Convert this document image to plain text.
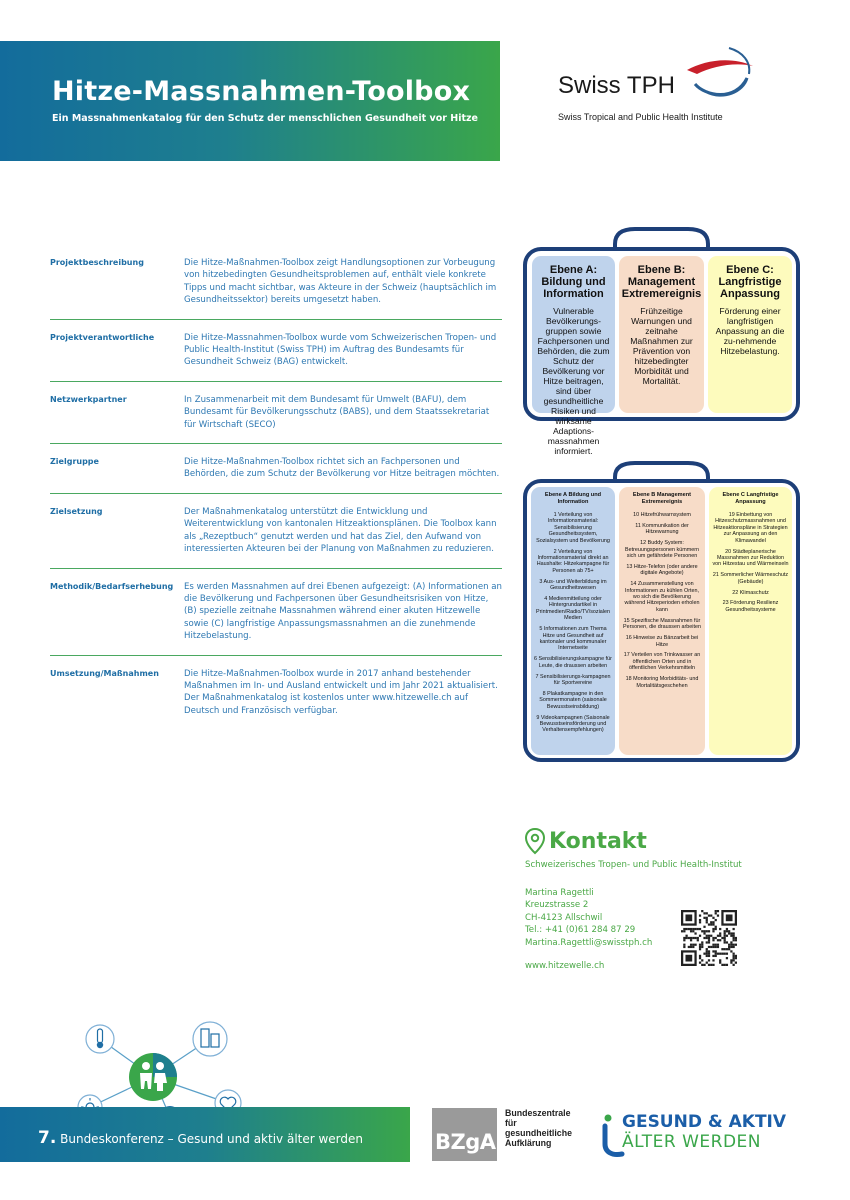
Hitze-Massnahmen-Toolbox
Ein Massnahmenkatalog für den Schutz der menschlichen Gesundheit vor Hitze
Swiss TPH
Swiss Tropical and Public Health Institute
Projektbeschreibung	Die Hitze-Maßnahmen-Toolbox zeigt Handlungsoptionen zur Vorbeugung von hitzebedingten Gesundheitsproblemen auf, enthält viele konkrete Tipps und macht sichtbar, was Akteure in der Schweiz (hauptsächlich im Gesundheitssektor) bereits umgesetzt haben.
Projektverantwortliche	Die Hitze-Massnahmen-Toolbox wurde vom Schweizerischen Tropen- und Public Health-Institut (Swiss TPH) im Auftrag des Bundesamts für Gesundheit Schweiz (BAG) entwickelt.
Netzwerkpartner	In Zusammenarbeit mit dem Bundesamt für Umwelt (BAFU), dem Bundesamt für Bevölkerungsschutz (BABS), und dem Staatssekretariat für Wirtschaft (SECO)
Zielgruppe	Die Hitze-Maßnahmen-Toolbox richtet sich an Fachpersonen und Behörden, die zum Schutz der Bevölkerung vor Hitze beitragen möchten.
Zielsetzung	Der Maßnahmenkatalog unterstützt die Entwicklung und Weiterentwicklung von kantonalen Hitzeaktionsplänen. Die Toolbox kann als „Rezeptbuch“ genutzt werden und hat das Ziel, den Aufwand von interessierten Akteuren bei der Planung von Maßnahmen zu reduzieren.
Methodik/Bedarfserhebung	Es werden Massnahmen auf drei Ebenen aufgezeigt: (A) Informationen an die Bevölkerung und Fachpersonen über Gesundheitsrisiken von Hitze, (B) spezielle zeitnahe Massnahmen während einer akuten Hitzewelle sowie (C) langfristige Anpassungsmassnahmen an die zunehmende Hitzebelastung.
Umsetzung/Maßnahmen	Die Hitze-Maßnahmen-Toolbox wurde in 2017 anhand bestehender Maßnahmen im In- und Ausland entwickelt und im Jahr 2021 aktualisiert. Der Maßnahmenkatalog ist kostenlos unter www.hitzewelle.ch auf Deutsch und Französisch verfügbar.
Ebene A: Bildung und Information
Vulnerable Bevölkerungs-gruppen sowie Fachpersonen und Behörden, die zum Schutz der Bevölkerung vor Hitze beitragen, sind über gesundheitliche Risiken und wirksame Adaptions-massnahmen informiert.
Ebene B: Management Extremereignis
Frühzeitige Warnungen und zeitnahe Maßnahmen zur Prävention von hitzebedingter Morbidität und Mortalität.
Ebene C: Langfristige Anpassung
Förderung einer langfristigen Anpassung an die zu-nehmende Hitzebelastung.
Ebene A Bildung und Information
1 Verteilung von Informationsmaterial: Sensibilisierung Gesundheitssystem, Sozialsystem und Bevölkerung
2 Verteilung von Informationsmaterial direkt an Haushalte: Hitzekampagne für Personen ab 75+
3 Aus- und Weiterbildung im Gesundheitswesen
4 Medienmitteilung oder Hintergrundartikel in Printmedien/Radio/TV/sozialen Medien
5 Informationen zum Thema Hitze und Gesundheit auf kantonaler und kommunaler Internetseite
6 Sensibilisierungskampagne für Leute, die draussen arbeiten
7 Sensibilisierungs-kampagnen für Sportvereine
8 Plakatkampagne in den Sommermonaten (saisonale Bewusstseinsbildung)
9 Videokampagnen (Saisonale Bewusstseinsförderung und Verhaltensempfehlungen)
Ebene B Management Extremereignis
10 Hitzefrühwarnsystem
11 Kommunikation der Hitzewarnung
12 Buddy System: Betreuungspersonen kümmern sich um gefährdete Personen
13 Hitze-Telefon (oder andere digitale Angebote)
14 Zusammenstellung von Informationen zu kühlen Orten, wo sich die Bevölkerung während Hitzeperioden erholen kann
15 Spezifische Massnahmen für Personen, die draussen arbeiten
16 Hinweise zu Bänzarbeit bei Hitze
17 Verteilen von Trinkwasser an öffentlichen Orten und in öffentlichen Verkehrsmitteln
18 Monitoring Morbiditäts- und Mortalitätsgeschehen
Ebene C Langfristige Anpassung
19 Einbettung von Hitzeschutzmassnahmen und Hitzeaktionspläne in Strategien zur Anpassung an den Klimawandel
20 Städteplanerische Massnahmen zur Reduktion von Hitzestau und Wärmeinseln
21 Sommerlicher Wärmeschutz (Gebäude)
22 Klimaschutz
23 Förderung Resilienz Gesundheitssysteme
Kontakt
Schweizerisches Tropen- und Public Health-Institut
Martina Ragettli
Kreuzstrasse 2
CH-4123 Allschwil
Tel.: +41 (0)61 284 87 29
Martina.Ragettli@swisstph.ch
www.hitzewelle.ch
7. Bundeskonferenz – Gesund und aktiv älter werden	BZgA
Bundeszentrale
für
gesundheitliche
Aufklärung
GESUND & AKTIV
ÄLTER WERDEN
